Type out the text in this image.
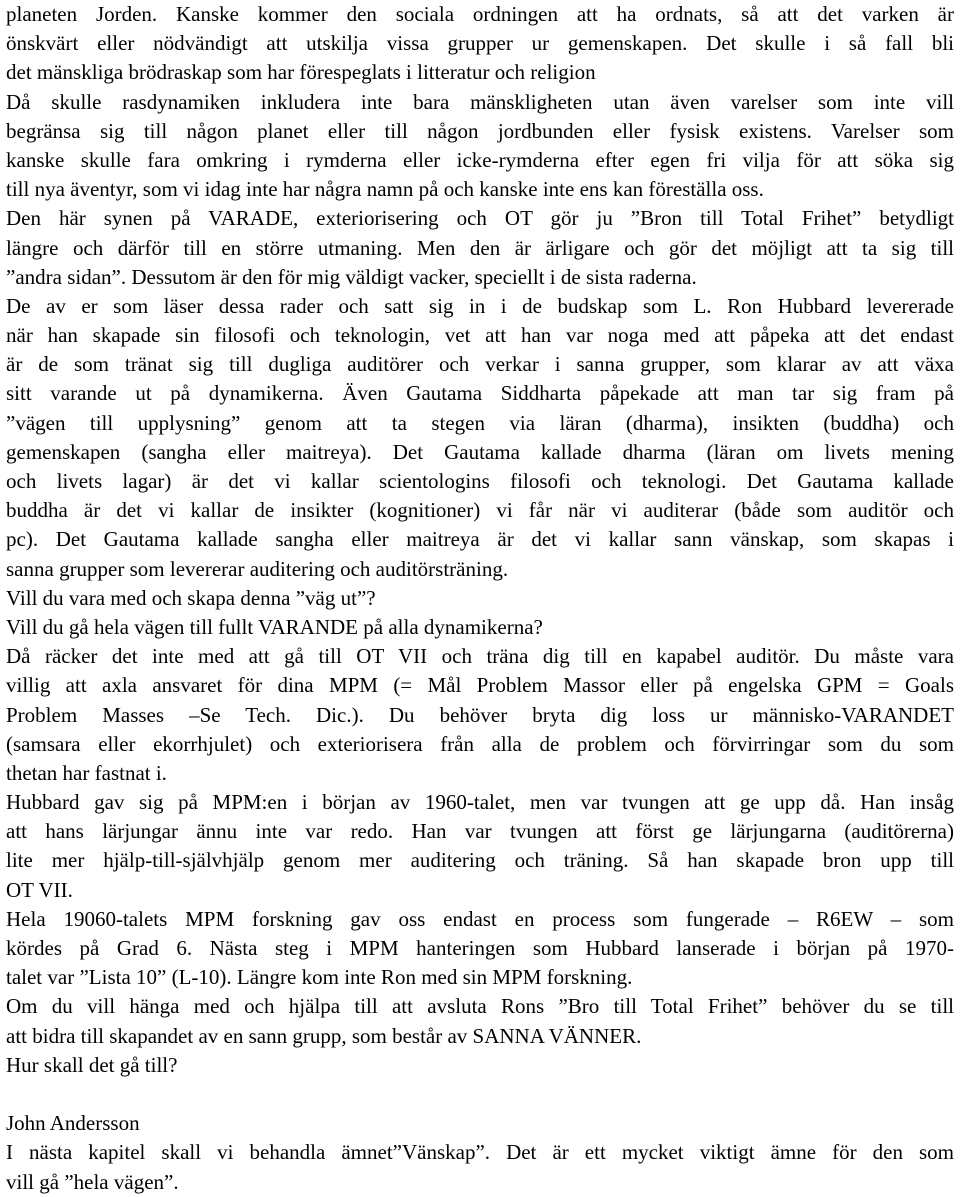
planeten Jorden. Kanske kommer den sociala ordningen att ha ordnats, så att det varken är
önskvärt eller nödvändigt att utskilja vissa grupper ur gemenskapen. Det skulle i så fall bli
det mänskliga brödraskap som har förespeglats i litteratur och religion
Då skulle rasdynamiken inkludera inte bara mänskligheten utan även varelser som inte vill
begränsa sig till någon planet eller till någon jordbunden eller fysisk existens. Varelser som
kanske skulle fara omkring i rymderna eller icke-rymderna efter egen fri vilja för att söka sig
till nya äventyr, som vi idag inte har några namn på och kanske inte ens kan föreställa oss.
Den här synen på VARADE, exteriorisering och OT gör ju ”Bron till Total Frihet” betydligt
längre och därför till en större utmaning. Men den är ärligare och gör det möjligt att ta sig till
”andra sidan”. Dessutom är den för mig väldigt vacker, speciellt i de sista raderna.
De av er som läser dessa rader och satt sig in i de budskap som L. Ron Hubbard levererade
när han skapade sin filosofi och teknologin, vet att han var noga med att påpeka att det endast
är de som tränat sig till dugliga auditörer och verkar i sanna grupper, som klarar av att växa
sitt varande ut på dynamikerna. Även Gautama Siddharta påpekade att man tar sig fram på
”vägen till upplysning” genom att ta stegen via läran (dharma), insikten (buddha) och
gemenskapen (sangha eller maitreya). Det Gautama kallade dharma (läran om livets mening
och livets lagar) är det vi kallar scientologins filosofi och teknologi. Det Gautama kallade
buddha är det vi kallar de insikter (kognitioner) vi får när vi auditerar (både som auditör och
pc). Det Gautama kallade sangha eller maitreya är det vi kallar sann vänskap, som skapas i
sanna grupper som levererar auditering och auditörsträning.
Vill du vara med och skapa denna ”väg ut”?
Vill du gå hela vägen till fullt VARANDE på alla dynamikerna?
Då räcker det inte med att gå till OT VII och träna dig till en kapabel auditör. Du måste vara
villig att axla ansvaret för dina MPM (= Mål Problem Massor eller på engelska GPM = Goals
Problem Masses –Se Tech. Dic.). Du behöver bryta dig loss ur människo-VARANDET
(samsara eller ekorrhjulet) och exteriorisera från alla de problem och förvirringar som du som
thetan har fastnat i.
Hubbard gav sig på MPM:en i början av 1960-talet, men var tvungen att ge upp då. Han insåg
att hans lärjungar ännu inte var redo. Han var tvungen att först ge lärjungarna (auditörerna)
lite mer hjälp-till-självhjälp genom mer auditering och träning. Så han skapade bron upp till
OT VII.
Hela 19060-talets MPM forskning gav oss endast en process som fungerade – R6EW – som
kördes på Grad 6. Nästa steg i MPM hanteringen som Hubbard lanserade i början på 1970-
talet var ”Lista 10” (L-10). Längre kom inte Ron med sin MPM forskning.
Om du vill hänga med och hjälpa till att avsluta Rons ”Bro till Total Frihet” behöver du se till
att bidra till skapandet av en sann grupp, som består av SANNA VÄNNER.
Hur skall det gå till?
John Andersson
I nästa kapitel skall vi behandla ämnet”Vänskap”. Det är ett mycket viktigt ämne för den som
vill gå ”hela vägen”.
